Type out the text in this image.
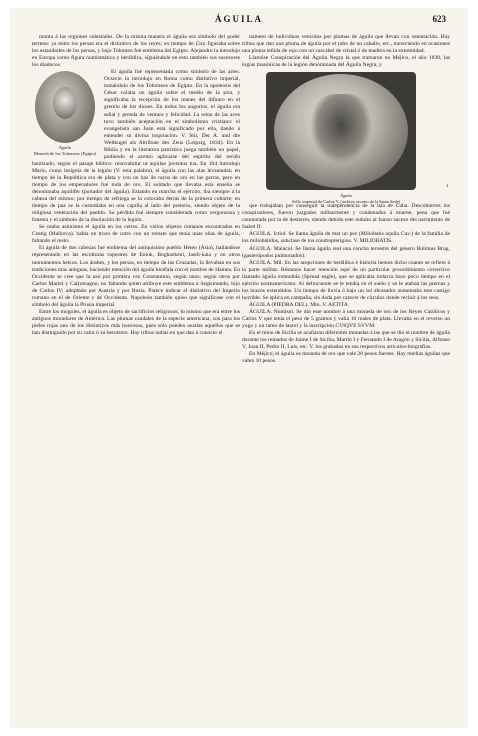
ÁGUILA	623

monta á las regiones celestiales. De la misma manera el águila era símbolo del poder terreno: ya entre los persas era el distintivo de los reyes; en tiempo de Ciro figuraba sobre los estandartes de los persas, y bajo Tolomeo fué emblema del Egipto. Alejandro la introdujo en Europa como figura numismática y heráldica, siguiéndole en esto también sus sucesores los diadocos.

Águila
Moneda de los Tolomeos (Egipto)

El águila fué representada como símbolo de las artes. Octavio la introdujo en Roma como distintivo imperial, tomándolo de los Tolomeos de Egipto. En la apoteosis del César volaba un águila sobre el medio de la pira, y significaba la recepción de los manes del difunto en el gremio de los dioses. En todos los augurios, el águila era señal y prenda de ventura y felicidad. La reina de las aves tuvo también aceptación en el simbolismo cristiano: el evangelista san Juan está significado por ella, dando á entender su divina inspiración. V. Stil, Der A. und die Weltkugel als Attribute des Zeus (Leipzig, 1834). En la Biblia y en la literatura patrística juega también un papel, pudiendo el acento aplicarse del espíritu del recién bautizado, según el pasaje bíblico: renovabitur ut aquilae juventus tua. En 104 introdujo Mario, como insignia de la legión (V. esta palabra), el águila con las alas levantadas; en tiempo de la República era de plata y con un haz de rayos de oro en las garras, pero en tiempo de los emperadores fué toda de oro. El soldado que llevaba esta enseña se denominaba aquilifer (portador del águila). Estando en marcha el ejército, iba siempre á la cabeza del mismo; por tiempo de refriega se la colocaba detrás de la primera cohorte; en tiempo de paz se la custodiaba en una capilla al lado del pretorio, siendo objeto de la religiosa veneración del pueblo. Su pérdida fué siempre considerada como vergonzosa y funesta y el símbolo de la disolución de la legión.

Se usaba asimismo el águila en los cetros. En varios objetos romanos encontrados en Costig (Mallorca), había un trozo de cetro con un remate que tenía unas uñas de águila, faltando el resto.

El águila de dos cabezas fué emblema del antiquísimo pueblo Heteo (Asia), hallándose representado en las esculturas rupestres de Euiuk, Boghazkeui, Iasili-kaia y en otros monumentos hetcos. Los árabes, y los persas, en tiempo de las Cruzadas, la llevaban en sus tradiciones más antiguas, haciendo mención del águila bicéfala con el nombre de Hamea. En Occidente se cree que la usó por primera vez Constantino, según unos; según otros por Carlos Martel y Carlomagno, no faltando quien atribuye este emblema á Segismundo, hijo de Carlos IV; adoptado por Austria y por Rusia. Parece indicar el distintivo del Imperio romano en el de Oriente y de Occidente. Napoleón también quiso que significase con el símbolo del águila la Prusia imperial.

Entre los mogoles, el águila es objeto de sacrificios religiosos, lo mismo que era entre los antiguos moradores de América. Las plumas caudales de la especie americana, son para los pieles rojas uno de los distintivos más honrosos, pues sólo pueden usarlas aquellos que se han distinguido por su valor ó su heroísmo. Hay tribus indias en que dan á conocer el

número de individuos vencidos por plumas de águila que llevan con ostentación. Hay tribus que dan una pluma de águila por el robo de un caballo, etc., mereciendo en ocasiones una pluma teñida de rojo con un cascabel de cristal ó de madera en la extremidad.

Llamóse Conspiración del Águila Negra la que tramaron en Méjico, el año 1830, las logias masónicas de la legión denominada del Águila Negra, y

4
Águila
Sello imperial de Carlos V. (archivo secreto de la Santa Sede)

que trabajaban por conseguir la independencia de la isla de Cuba. Descubiertos los conspiradores, fueron juzgados militarmente y condenados á muerte, pena que fué conmutada por la de destierro, siendo debido este indulto al fausto suceso del nacimiento de Isabel II.

ÁGUILA. Ictiol. Se llama águila de mar un pez (Miliobatis aquila Cuv.) de la familia de los miliobátidos, subclase de los condropterigios. V. MILIOBATIS.

ÁGUILA. Malacol. Se llama águila real una concha terrestre del género Bulimus Brug. (gasterópodos pulmonados).

ÁGUILA. Mil. En las acepciones de heráldica é historia hemos dicho cuanto se refiere á la parte militar. Réstanos hacer mención aquí de un particular procedimiento correctivo llamado águila extendida (Spread eagle), que se aplicaba todavía hace poco tiempo en el ejército norteamericano. Al delincuente se le tendía en el suelo y se le ataban las piernas y los brazos extendidos. Un tiempo de lluvia ó bajo un sol abrasador aumentaba este castigo horrible. Se aplica en campaña, sin duda por carecer de círculos donde recluir á los reos.

ÁGUILA (PIEDRA DEL). Min. V. AETITA.

ÁGUILA. Numism. Se dió este nombre á una moneda de oro de los Reyes Católicos y Carlos V que tenía el peso de 5 gramos y valía 10 reales de plata. Llevaba en el reverso un yugo y un ramo de laurel y la inscripción CVIQVE SVVM.

En el reino de Sicilia se acuñaron diferentes monedas á las que se dió el nombre de águila durante los reinados de Jaime I de Sicilia, Martín I y Fernando I de Aragón y Sicilia, Alfonso V, Juan II, Pedro II, Luis, etc. V. los grabados en sus respectivos artículos-biografías.

En Méjico, el águila es moneda de oro que vale 20 pesos fuertes. Hay medias águilas que valen 10 pesos.
